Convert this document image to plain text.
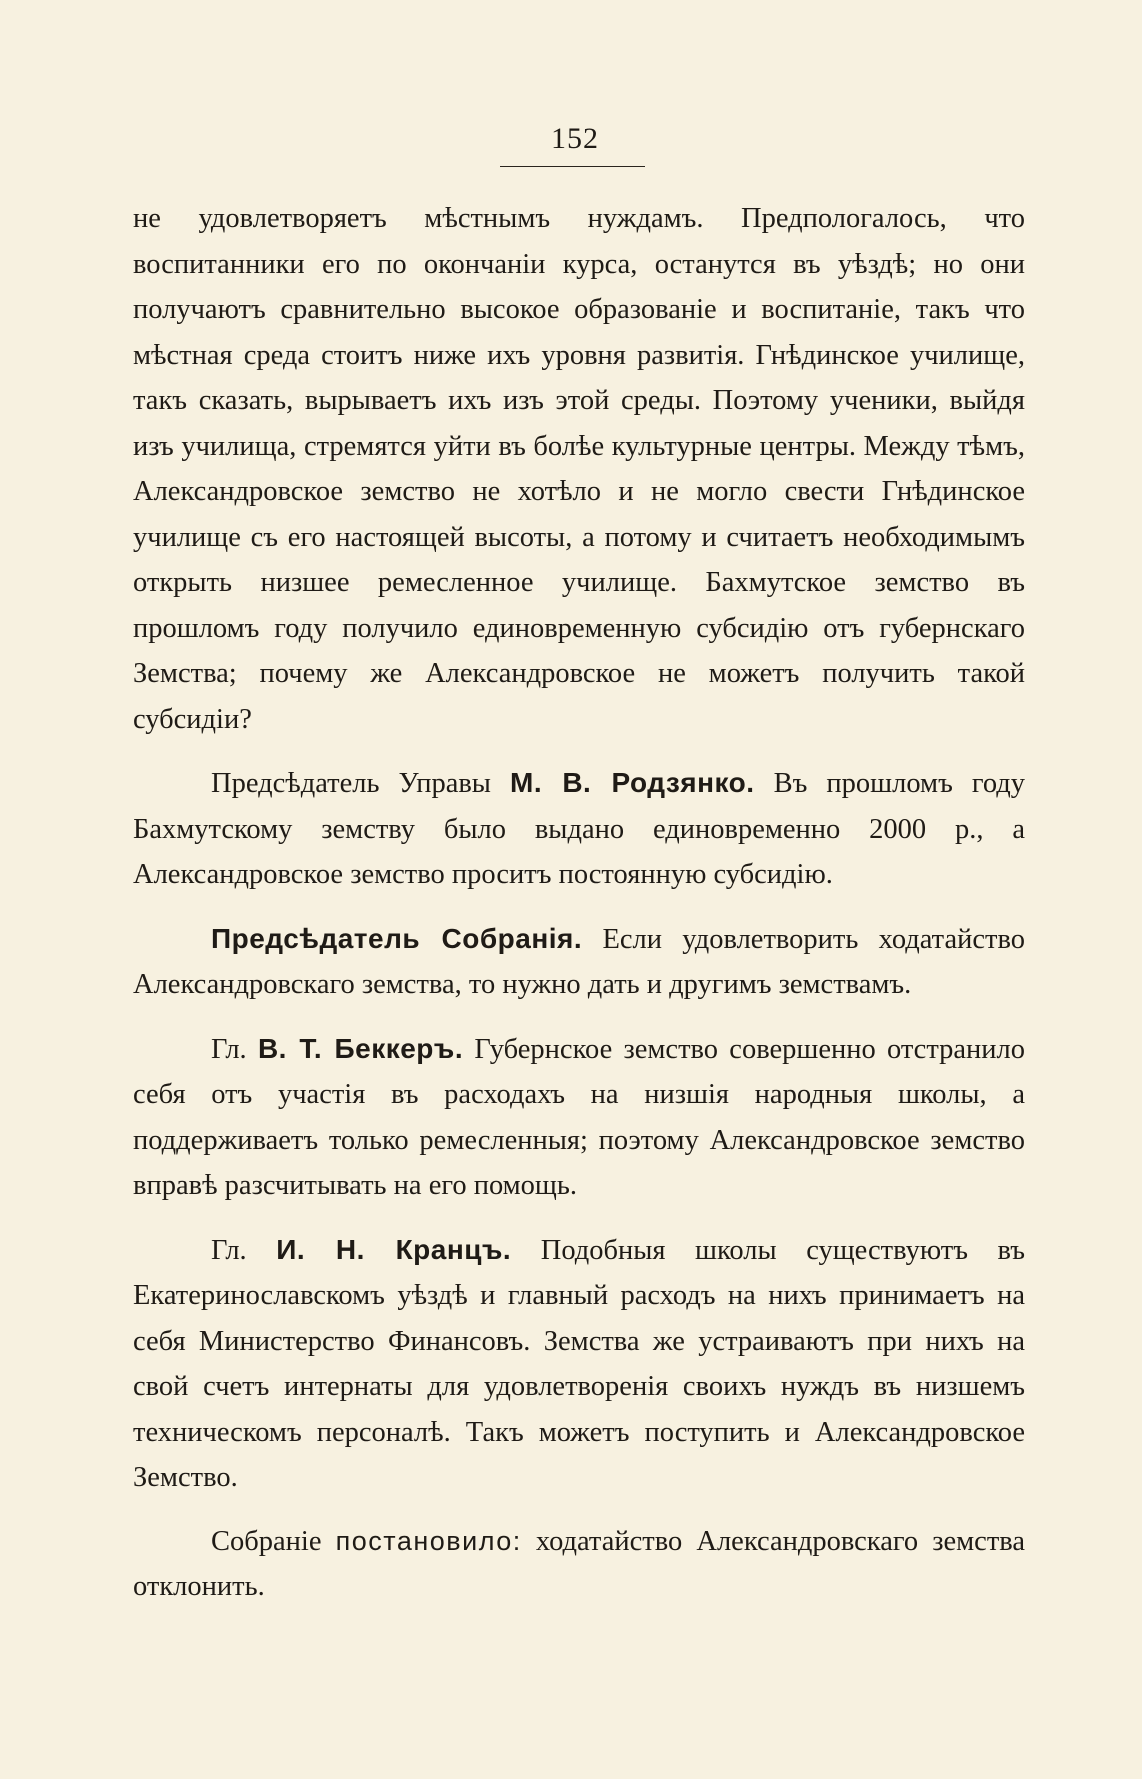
152

не удовлетворяетъ мѣстнымъ нуждамъ. Предпологалось, что воспитанники его по окончаніи курса, останутся въ уѣздѣ; но они получаютъ сравнительно высокое образованіе и воспитаніе, такъ что мѣстная среда стоитъ ниже ихъ уровня развитія. Гнѣдинское училище, такъ сказать, вырываетъ ихъ изъ этой среды. Поэтому ученики, выйдя изъ училища, стремятся уйти въ болѣе культурные центры. Между тѣмъ, Александровское земство не хотѣло и не могло свести Гнѣдинское училище съ его настоящей высоты, а потому и считаетъ необходимымъ открыть низшее ремесленное училище. Бахмутское земство въ прошломъ году получило единовременную субсидію отъ губернскаго Земства; почему же Александровское не можетъ получить такой субсидіи?

Предсѣдатель Управы М. В. Родзянко. Въ прошломъ году Бахмутскому земству было выдано единовременно 2000 р., а Александровское земство проситъ постоянную субсидію.

Предсѣдатель Собранія. Если удовлетворить ходатайство Александровскаго земства, то нужно дать и другимъ земствамъ.

Гл. В. Т. Беккеръ. Губернское земство совершенно отстранило себя отъ участія въ расходахъ на низшія народныя школы, а поддерживаетъ только ремесленныя; поэтому Александровское земство вправѣ разсчитывать на его помощь.

Гл. И. Н. Кранцъ. Подобныя школы существуютъ въ Екатеринославскомъ уѣздѣ и главный расходъ на нихъ принимаетъ на себя Министерство Финансовъ. Земства же устраиваютъ при нихъ на свой счетъ интернаты для удовлетворенія своихъ нуждъ въ низшемъ техническомъ персоналѣ. Такъ можетъ поступить и Александровское Земство.

Собраніе постановило: ходатайство Александровскаго земства отклонить.
